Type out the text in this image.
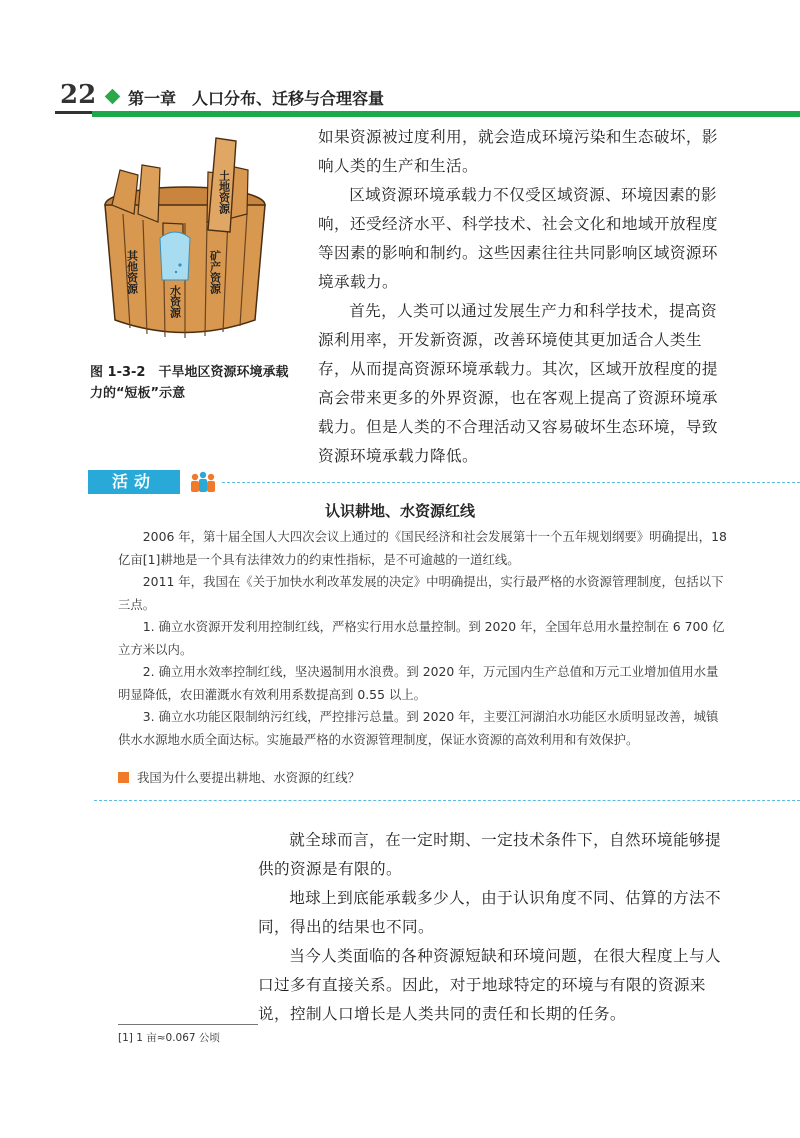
22 第一章　人口分布、迁移与合理容量
土地资源
矿产资源
其他资源
水资源
图 1-3-2　干旱地区资源环境承载力的“短板”示意

如果资源被过度利用，就会造成环境污染和生态破坏，影响人类的生产和生活。

区域资源环境承载力不仅受区域资源、环境因素的影响，还受经济水平、科学技术、社会文化和地域开放程度等因素的影响和制约。这些因素往往共同影响区域资源环境承载力。

首先，人类可以通过发展生产力和科学技术，提高资源利用率，开发新资源，改善环境使其更加适合人类生存，从而提高资源环境承载力。其次，区域开放程度的提高会带来更多的外界资源，也在客观上提高了资源环境承载力。但是人类的不合理活动又容易破坏生态环境，导致资源环境承载力降低。

活动
认识耕地、水资源红线

2006 年，第十届全国人大四次会议上通过的《国民经济和社会发展第十一个五年规划纲要》明确提出，18 亿亩[1]耕地是一个具有法律效力的约束性指标，是不可逾越的一道红线。

2011 年，我国在《关于加快水利改革发展的决定》中明确提出，实行最严格的水资源管理制度，包括以下三点。

1. 确立水资源开发利用控制红线，严格实行用水总量控制。到 2020 年，全国年总用水量控制在 6 700 亿立方米以内。

2. 确立用水效率控制红线，坚决遏制用水浪费。到 2020 年，万元国内生产总值和万元工业增加值用水量明显降低，农田灌溉水有效利用系数提高到 0.55 以上。

3. 确立水功能区限制纳污红线，严控排污总量。到 2020 年，主要江河湖泊水功能区水质明显改善，城镇供水水源地水质全面达标。实施最严格的水资源管理制度，保证水资源的高效利用和有效保护。

我国为什么要提出耕地、水资源的红线？

就全球而言，在一定时期、一定技术条件下，自然环境能够提供的资源是有限的。

地球上到底能承载多少人，由于认识角度不同、估算的方法不同，得出的结果也不同。

当今人类面临的各种资源短缺和环境问题，在很大程度上与人口过多有直接关系。因此，对于地球特定的环境与有限的资源来说，控制人口增长是人类共同的责任和长期的任务。

[1] 1 亩≈0.067 公顷
